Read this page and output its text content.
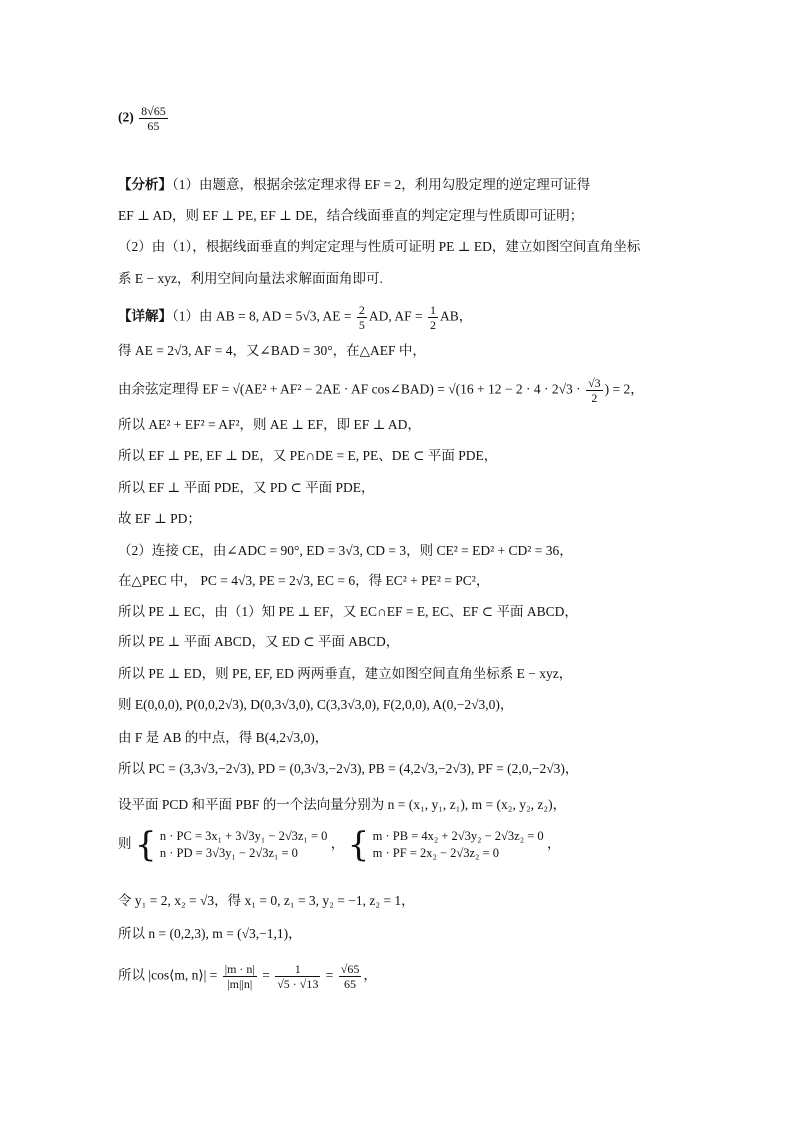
$(2) \frac{8√65}{65}$
【分析】（1）由题意，根据余弦定理求得 EF = 2，利用勾股定理的逆定理可证得
EF ⊥ AD，则 EF ⊥ PE, EF ⊥ DE，结合线面垂直的判定定理与性质即可证明；
（2）由（1），根据线面垂直的判定定理与性质可证明 PE ⊥ ED，建立如图空间直角坐标
系 E − xyz，利用空间向量法求解面面角即可.
【详解】（1）由 AB = 8, AD = 5√3, AE = $\frac{2}{5}$ AD, AF = $\frac{1}{2}$ AB，
得 AE = 2√3, AF = 4，又∠BAD = 30°，在△AEF 中，
由余弦定理得 EF = √(AE² + AF² − 2AE · AF cos∠BAD) = $√(16 + 12 - 2 \cdot 4 \cdot 2√3 \cdot \frac{√3}{2}$ ) = 2，
所以 AE² + EF² = AF²，则 AE ⊥ EF，即 EF ⊥ AD，
所以 EF ⊥ PE, EF ⊥ DE，又 PE∩DE = E, PE、DE ⊂ 平面 PDE，
所以 EF ⊥ 平面 PDE，又 PD ⊂ 平面 PDE，
故 EF ⊥ PD；
（2）连接 CE，由∠ADC = 90°, ED = 3√3, CD = 3，则 CE² = ED² + CD² = 36，
在△PEC 中， PC = 4√3, PE = 2√3, EC = 6，得 EC² + PE² = PC²，
所以 PE ⊥ EC，由（1）知 PE ⊥ EF，又 EC∩EF = E, EC、EF ⊂ 平面 ABCD，
所以 PE ⊥ 平面 ABCD，又 ED ⊂ 平面 ABCD，
所以 PE ⊥ ED，则 PE, EF, ED 两两垂直，建立如图空间直角坐标系 E − xyz，
则 E(0,0,0), P(0,0,2√3), D(0,3√3,0), C(3,3√3,0), F(2,0,0), A(0,−2√3,0)，
由 F 是 AB 的中点，得 B(4,2√3,0)，
所以 PC = (3,3√3,−2√3), PD = (0,3√3,−2√3), PB = (4,2√3,−2√3), PF = (2,0,−2√3)，
设平面 PCD 和平面 PBF 的一个法向量分别为 n = (x₁, y₁, z₁), m = (x₂, y₂, z₂)，
则 { n · PC = 3x₁ + 3√3y₁ − 2√3z₁ = 0
n · PD = 3√3y₁ − 2√3z₁ = 0
， { m · PB = 4x₂ + 2√3y₂ − 2√3z₂ = 0
m · PF = 2x₂ − 2√3z₂ = 0
，
令 y₁ = 2, x₂ = √3，得 x₁ = 0, z₁ = 3, y₂ = −1, z₂ = 1，
所以 n = (0,2,3), m = (√3,−1,1)，
所以 |cos⟨m, n⟩| = $\frac{|m \cdot n|}{|m||n|} = \frac{1}{√5 \cdot √13} = \frac{√65}{65}$ ，
